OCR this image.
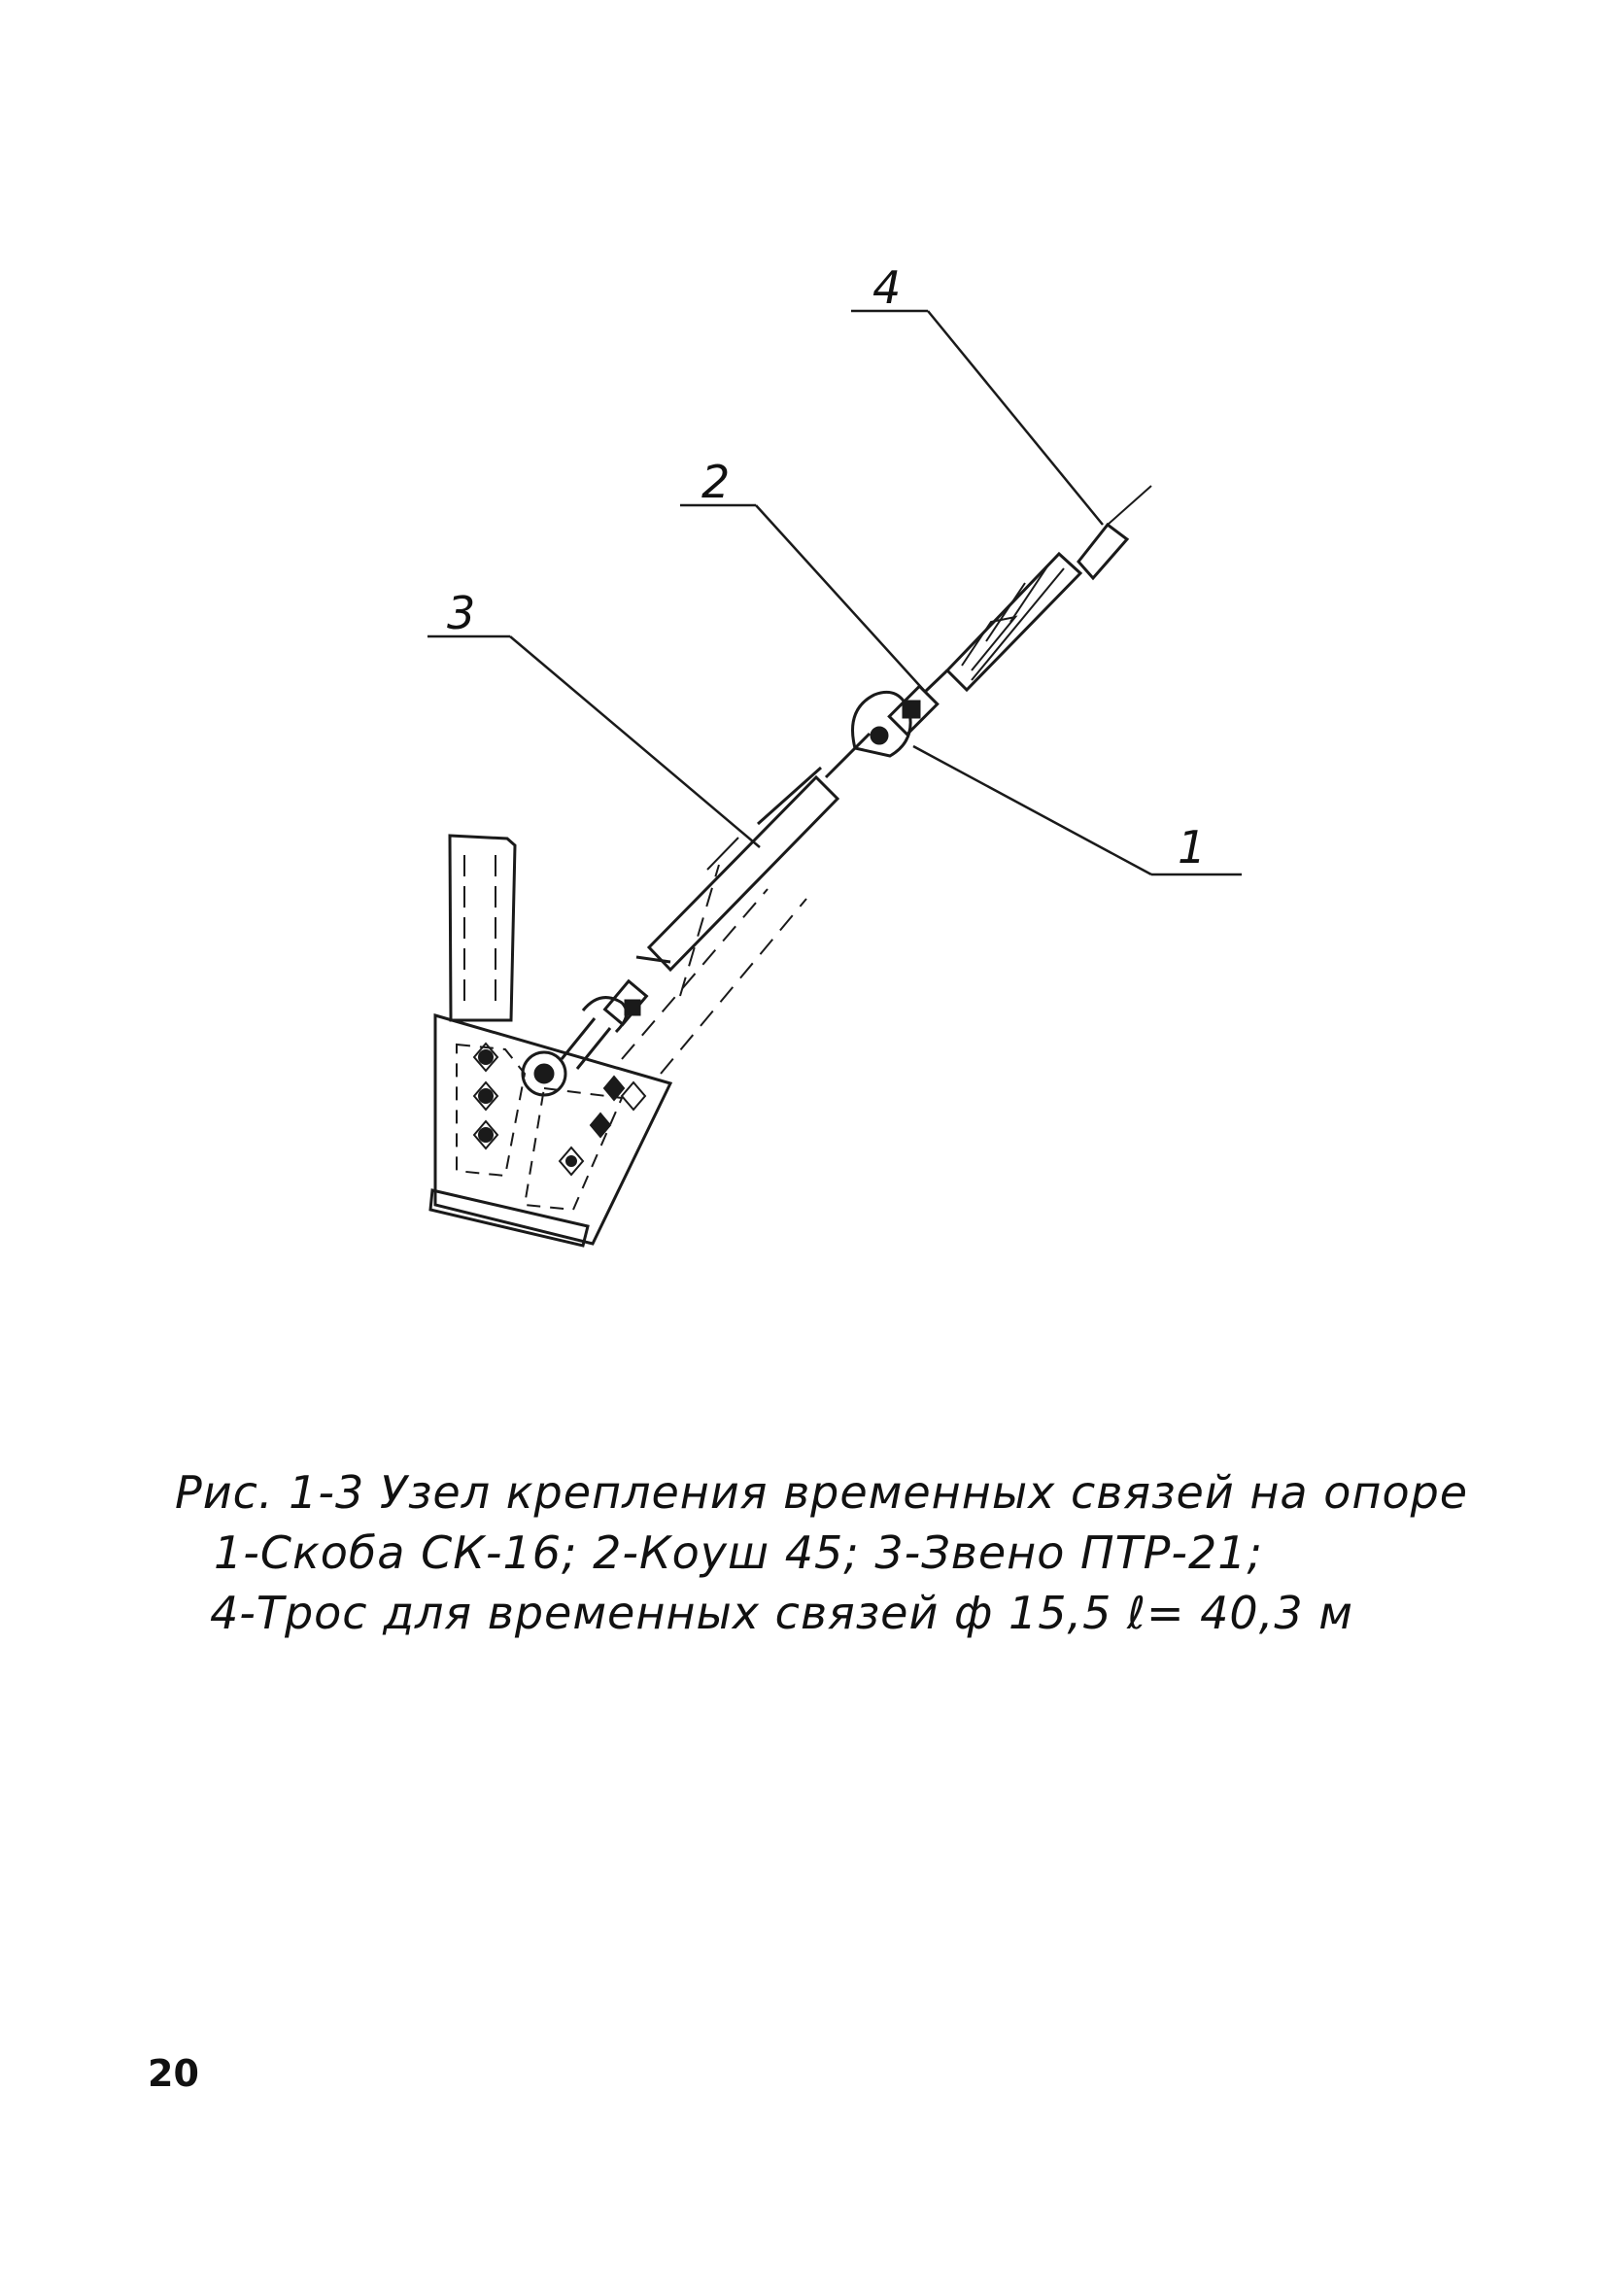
4
2
3
1
Рис. 1-3 Узел крепления временных связей на опоре
1-Скоба СК-16; 2-Коуш 45; 3-Звено ПТР-21;
4-Трос для временных связей ф 15,5 ℓ= 40,3 м
20
